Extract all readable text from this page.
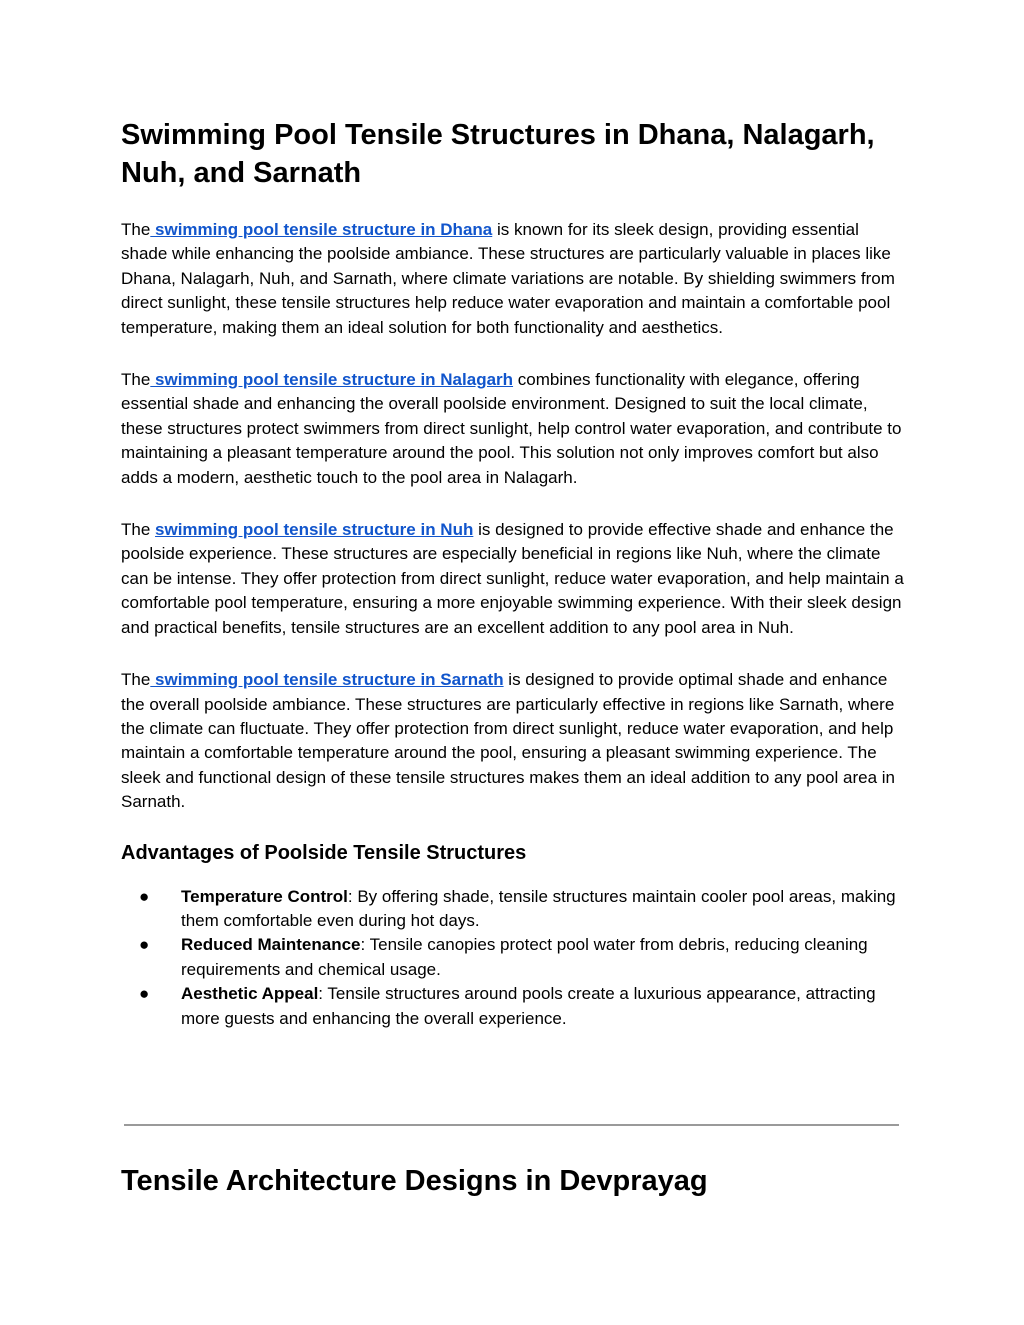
Swimming Pool Tensile Structures in Dhana, Nalagarh, Nuh, and Sarnath

The swimming pool tensile structure in Dhana is known for its sleek design, providing essential shade while enhancing the poolside ambiance. These structures are particularly valuable in places like Dhana, Nalagarh, Nuh, and Sarnath, where climate variations are notable. By shielding swimmers from direct sunlight, these tensile structures help reduce water evaporation and maintain a comfortable pool temperature, making them an ideal solution for both functionality and aesthetics.

The swimming pool tensile structure in Nalagarh combines functionality with elegance, offering essential shade and enhancing the overall poolside environment. Designed to suit the local climate, these structures protect swimmers from direct sunlight, help control water evaporation, and contribute to maintaining a pleasant temperature around the pool. This solution not only improves comfort but also adds a modern, aesthetic touch to the pool area in Nalagarh.

The swimming pool tensile structure in Nuh is designed to provide effective shade and enhance the poolside experience. These structures are especially beneficial in regions like Nuh, where the climate can be intense. They offer protection from direct sunlight, reduce water evaporation, and help maintain a comfortable pool temperature, ensuring a more enjoyable swimming experience. With their sleek design and practical benefits, tensile structures are an excellent addition to any pool area in Nuh.

The swimming pool tensile structure in Sarnath is designed to provide optimal shade and enhance the overall poolside ambiance. These structures are particularly effective in regions like Sarnath, where the climate can fluctuate. They offer protection from direct sunlight, reduce water evaporation, and help maintain a comfortable temperature around the pool, ensuring a pleasant swimming experience. The sleek and functional design of these tensile structures makes them an ideal addition to any pool area in Sarnath.

Advantages of Poolside Tensile Structures
● Temperature Control: By offering shade, tensile structures maintain cooler pool areas, making them comfortable even during hot days.
● Reduced Maintenance: Tensile canopies protect pool water from debris, reducing cleaning requirements and chemical usage.
● Aesthetic Appeal: Tensile structures around pools create a luxurious appearance, attracting more guests and enhancing the overall experience.
Tensile Architecture Designs in Devprayag
